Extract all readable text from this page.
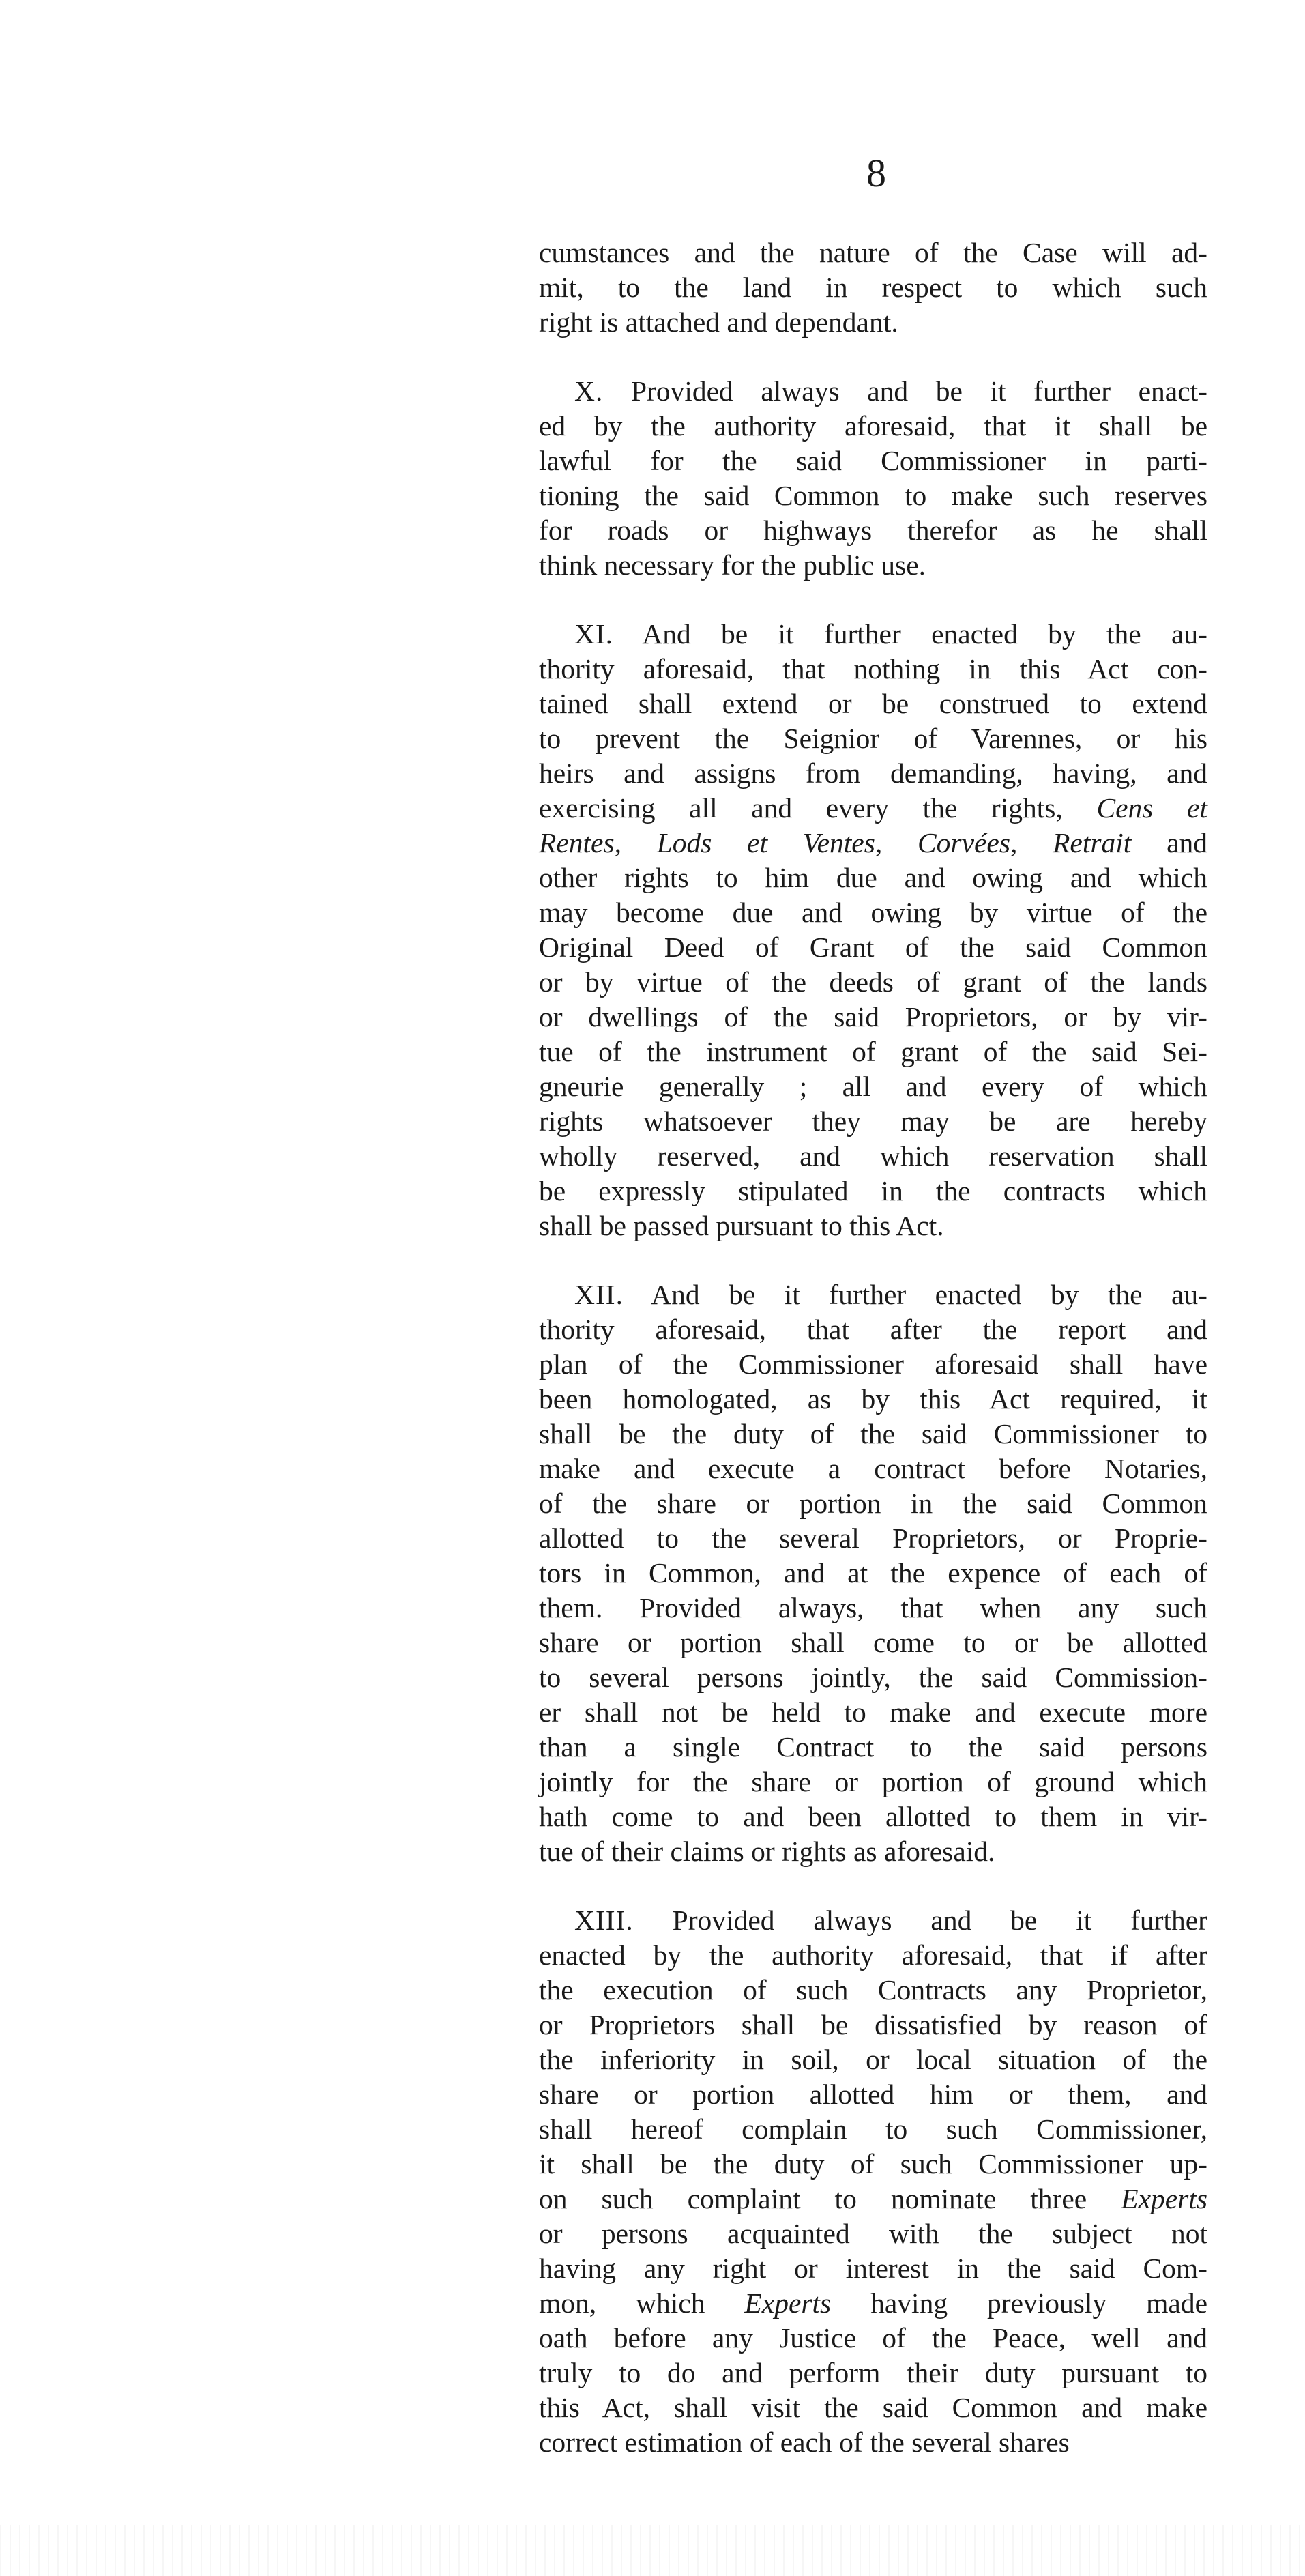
8
cumstances and the nature of the Case will ad-
mit, to the land in respect to which such
right is attached and dependant.
X. Provided always and be it further enact-
ed by the authority aforesaid, that it shall be
lawful for the said Commissioner in parti-
tioning the said Common to make such reserves
for roads or highways therefor as he shall
think necessary for the public use.
XI. And be it further enacted by the au-
thority aforesaid, that nothing in this Act con-
tained shall extend or be construed to extend
to prevent the Seignior of Varennes, or his
heirs and assigns from demanding, having, and
exercising all and every the rights, Cens et
Rentes, Lods et Ventes, Corvées, Retrait and
other rights to him due and owing and which
may become due and owing by virtue of the
Original Deed of Grant of the said Common
or by virtue of the deeds of grant of the lands
or dwellings of the said Proprietors, or by vir-
tue of the instrument of grant of the said Sei-
gneurie generally ; all and every of which
rights whatsoever they may be are hereby
wholly reserved, and which reservation shall
be expressly stipulated in the contracts which
shall be passed pursuant to this Act.
XII. And be it further enacted by the au-
thority aforesaid, that after the report and
plan of the Commissioner aforesaid shall have
been homologated, as by this Act required, it
shall be the duty of the said Commissioner to
make and execute a contract before Notaries,
of the share or portion in the said Common
allotted to the several Proprietors, or Proprie-
tors in Common, and at the expence of each of
them. Provided always, that when any such
share or portion shall come to or be allotted
to several persons jointly, the said Commission-
er shall not be held to make and execute more
than a single Contract to the said persons
jointly for the share or portion of ground which
hath come to and been allotted to them in vir-
tue of their claims or rights as aforesaid.
XIII. Provided always and be it further
enacted by the authority aforesaid, that if after
the execution of such Contracts any Proprietor,
or Proprietors shall be dissatisfied by reason of
the inferiority in soil, or local situation of the
share or portion allotted him or them, and
shall hereof complain to such Commissioner,
it shall be the duty of such Commissioner up-
on such complaint to nominate three Experts
or persons acquainted with the subject not
having any right or interest in the said Com-
mon, which Experts having previously made
oath before any Justice of the Peace, well and
truly to do and perform their duty pursuant to
this Act, shall visit the said Common and make
correct estimation of each of the several shares
